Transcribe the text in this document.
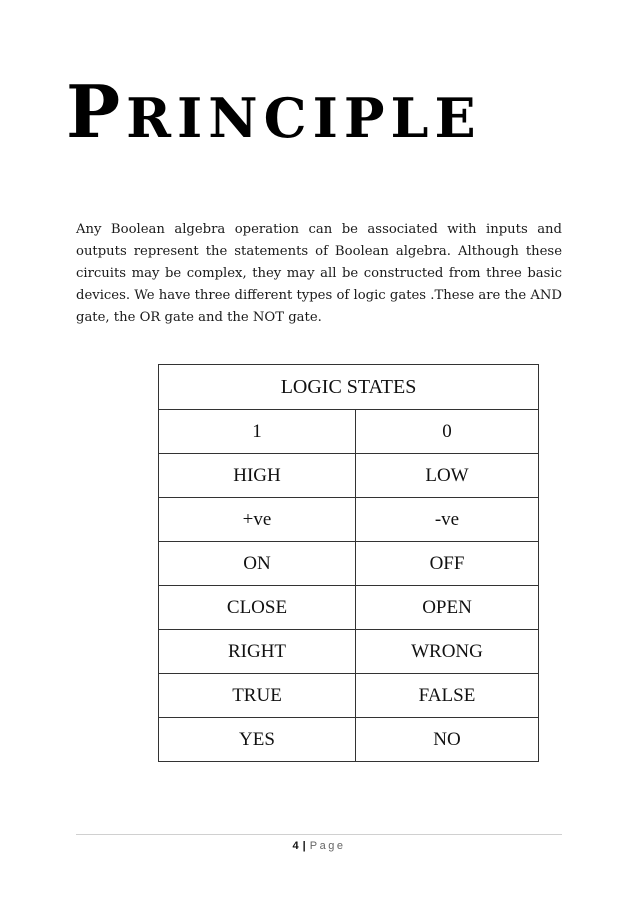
PRINCIPLE

Any Boolean algebra operation can be associated with inputs and outputs represent the statements of Boolean algebra. Although these circuits may be complex, they may all be constructed from three basic devices. We have three different types of logic gates .These are the AND gate, the OR gate and the NOT gate.

LOGIC STATES	
1	0
HIGH	LOW
+ve	-ve
ON	OFF
CLOSE	OPEN
RIGHT	WRONG
TRUE	FALSE
YES	NO
4 | Page
